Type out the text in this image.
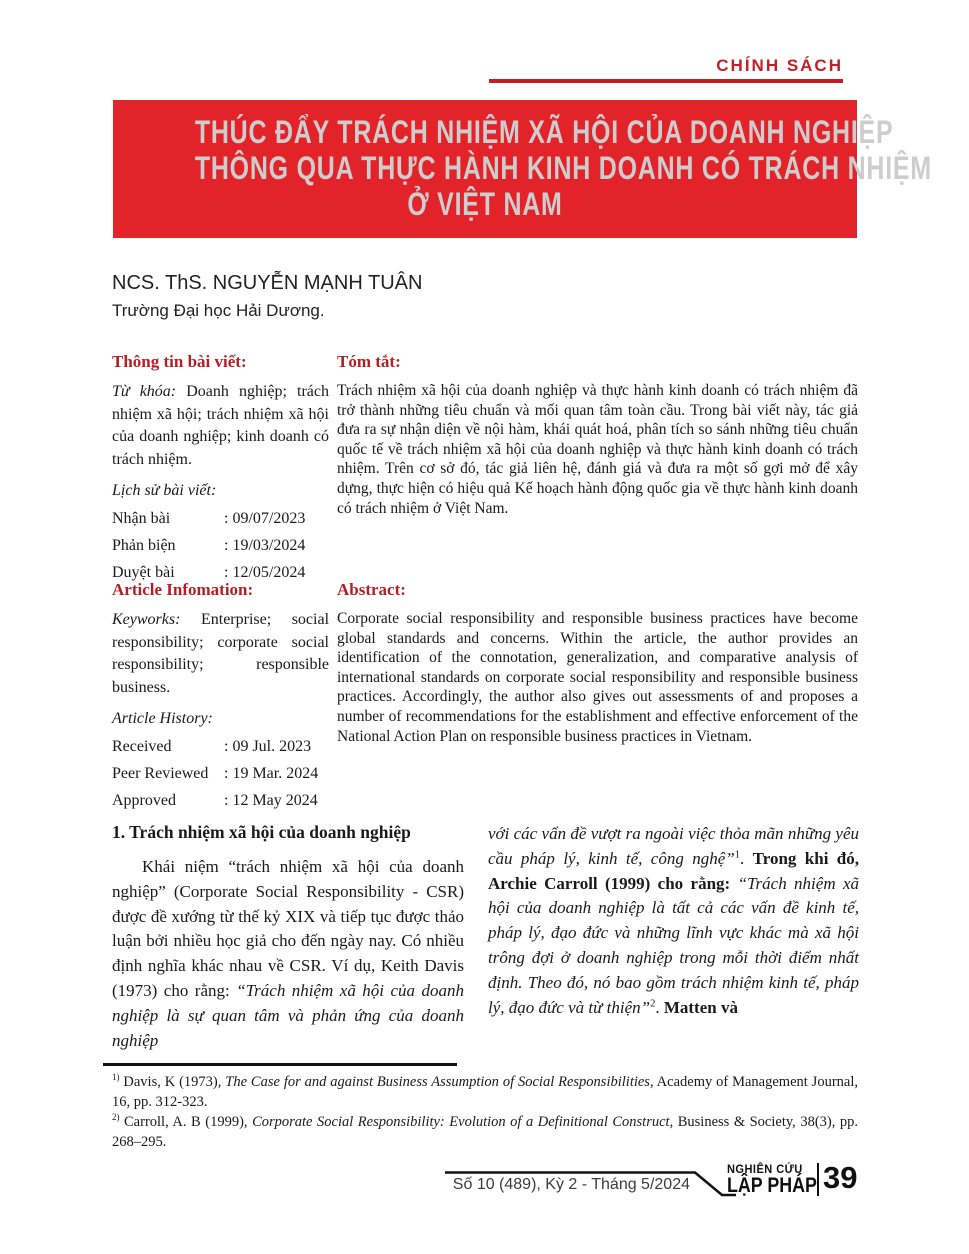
CHÍNH SÁCH
THÚC ĐẨY TRÁCH NHIỆM XÃ HỘI CỦA DOANH NGHIỆP
THÔNG QUA THỰC HÀNH KINH DOANH CÓ TRÁCH NHIỆM
Ở VIỆT NAM
NCS. ThS. NGUYỄN MẠNH TUÂN
Trường Đại học Hải Dương.
Thông tin bài viết:

Từ khóa: Doanh nghiệp; trách nhiệm xã hội; trách nhiệm xã hội của doanh nghiệp; kinh doanh có trách nhiệm.

Lịch sử bài viết:
Nhận bài	: 09/07/2023
Phản biện	: 19/03/2024
Duyệt bài	: 12/05/2024
Tóm tắt:

Trách nhiệm xã hội của doanh nghiệp và thực hành kinh doanh có trách nhiệm đã trở thành những tiêu chuẩn và mối quan tâm toàn cầu. Trong bài viết này, tác giả đưa ra sự nhận diện về nội hàm, khái quát hoá, phân tích so sánh những tiêu chuẩn quốc tế về trách nhiệm xã hội của doanh nghiệp và thực hành kinh doanh có trách nhiệm. Trên cơ sở đó, tác giả liên hệ, đánh giá và đưa ra một số gợi mở để xây dựng, thực hiện có hiệu quả Kế hoạch hành động quốc gia về thực hành kinh doanh có trách nhiệm ở Việt Nam.

Article Infomation:

Keyworks: Enterprise; social responsibility; corporate social responsibility; responsible business.

Article History:
Received	: 09 Jul. 2023
Peer Reviewed : 19 Mar. 2024
Approved	: 12 May 2024
Abstract:

Corporate social responsibility and responsible business practices have become global standards and concerns. Within the article, the author provides an identification of the connotation, generalization, and comparative analysis of international standards on corporate social responsibility and responsible business practices. Accordingly, the author also gives out assessments of and proposes a number of recommendations for the establishment and effective enforcement of the National Action Plan on responsible business practices in Vietnam.

1. Trách nhiệm xã hội của doanh nghiệp

Khái niệm “trách nhiệm xã hội của doanh nghiệp” (Corporate Social Responsibility - CSR) được đề xướng từ thế kỷ XIX và tiếp tục được thảo luận bởi nhiều học giả cho đến ngày nay. Có nhiều định nghĩa khác nhau về CSR. Ví dụ, Keith Davis (1973) cho rằng: “Trách nhiệm xã hội của doanh nghiệp là sự quan tâm và phản ứng của doanh nghiệp

với các vấn đề vượt ra ngoài việc thỏa mãn những yêu cầu pháp lý, kinh tế, công nghệ”$^1$. Trong khi đó, Archie Carroll (1999) cho rằng: “Trách nhiệm xã hội của doanh nghiệp là tất cả các vấn đề kinh tế, pháp lý, đạo đức và những lĩnh vực khác mà xã hội trông đợi ở doanh nghiệp trong mỗi thời điểm nhất định. Theo đó, nó bao gồm trách nhiệm kinh tế, pháp lý, đạo đức và từ thiện”$^2$. Matten và

$^{1)}$ Davis, K (1973), The Case for and against Business Assumption of Social Responsibilities, Academy of Management Journal, 16, pp. 312-323.

$^{2)}$ Carroll, A. B (1999), Corporate Social Responsibility: Evolution of a Definitional Construct, Business & Society, 38(3), pp. 268–295.

Số 10 (489), Kỳ 2 - Tháng 5/2024
NGHIÊN CỨU
LẬP PHÁP 39
